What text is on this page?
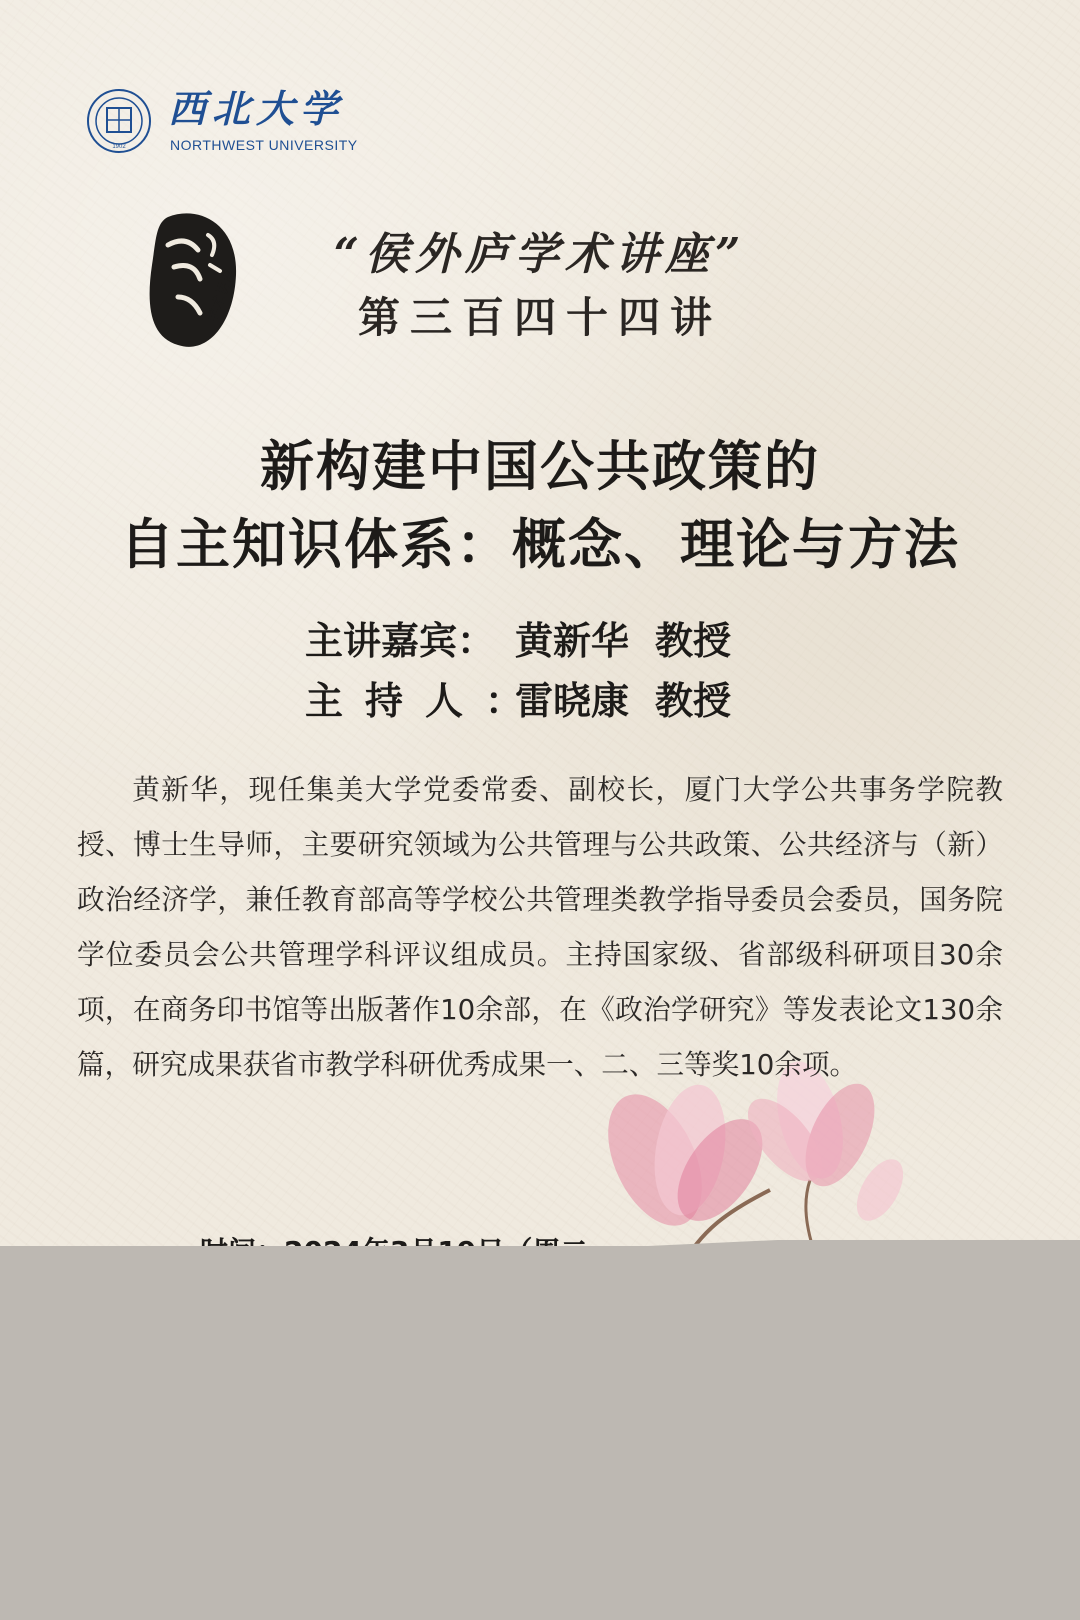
1902
西北大学
NORTHWEST UNIVERSITY
学术讲座
“侯外庐学术讲座”
第三百四十四讲
新构建中国公共政策的
自主知识体系：概念、理论与方法
主讲嘉宾： 黄新华 教授
主持人：雷晓康 教授

黄新华，现任集美大学党委常委、副校长，厦门大学公共事务学院教授、博士生导师，主要研究领域为公共管理与公共政策、公共经济与（新）政治经济学，兼任教育部高等学校公共管理类教学指导委员会委员，国务院学位委员会公共管理学科评议组成员。主持国家级、省部级科研项目30余项，在商务印书馆等出版著作10余部，在《政治学研究》等发表论文130余篇，研究成果获省市教学科研优秀成果一、二、三等奖10余项。
